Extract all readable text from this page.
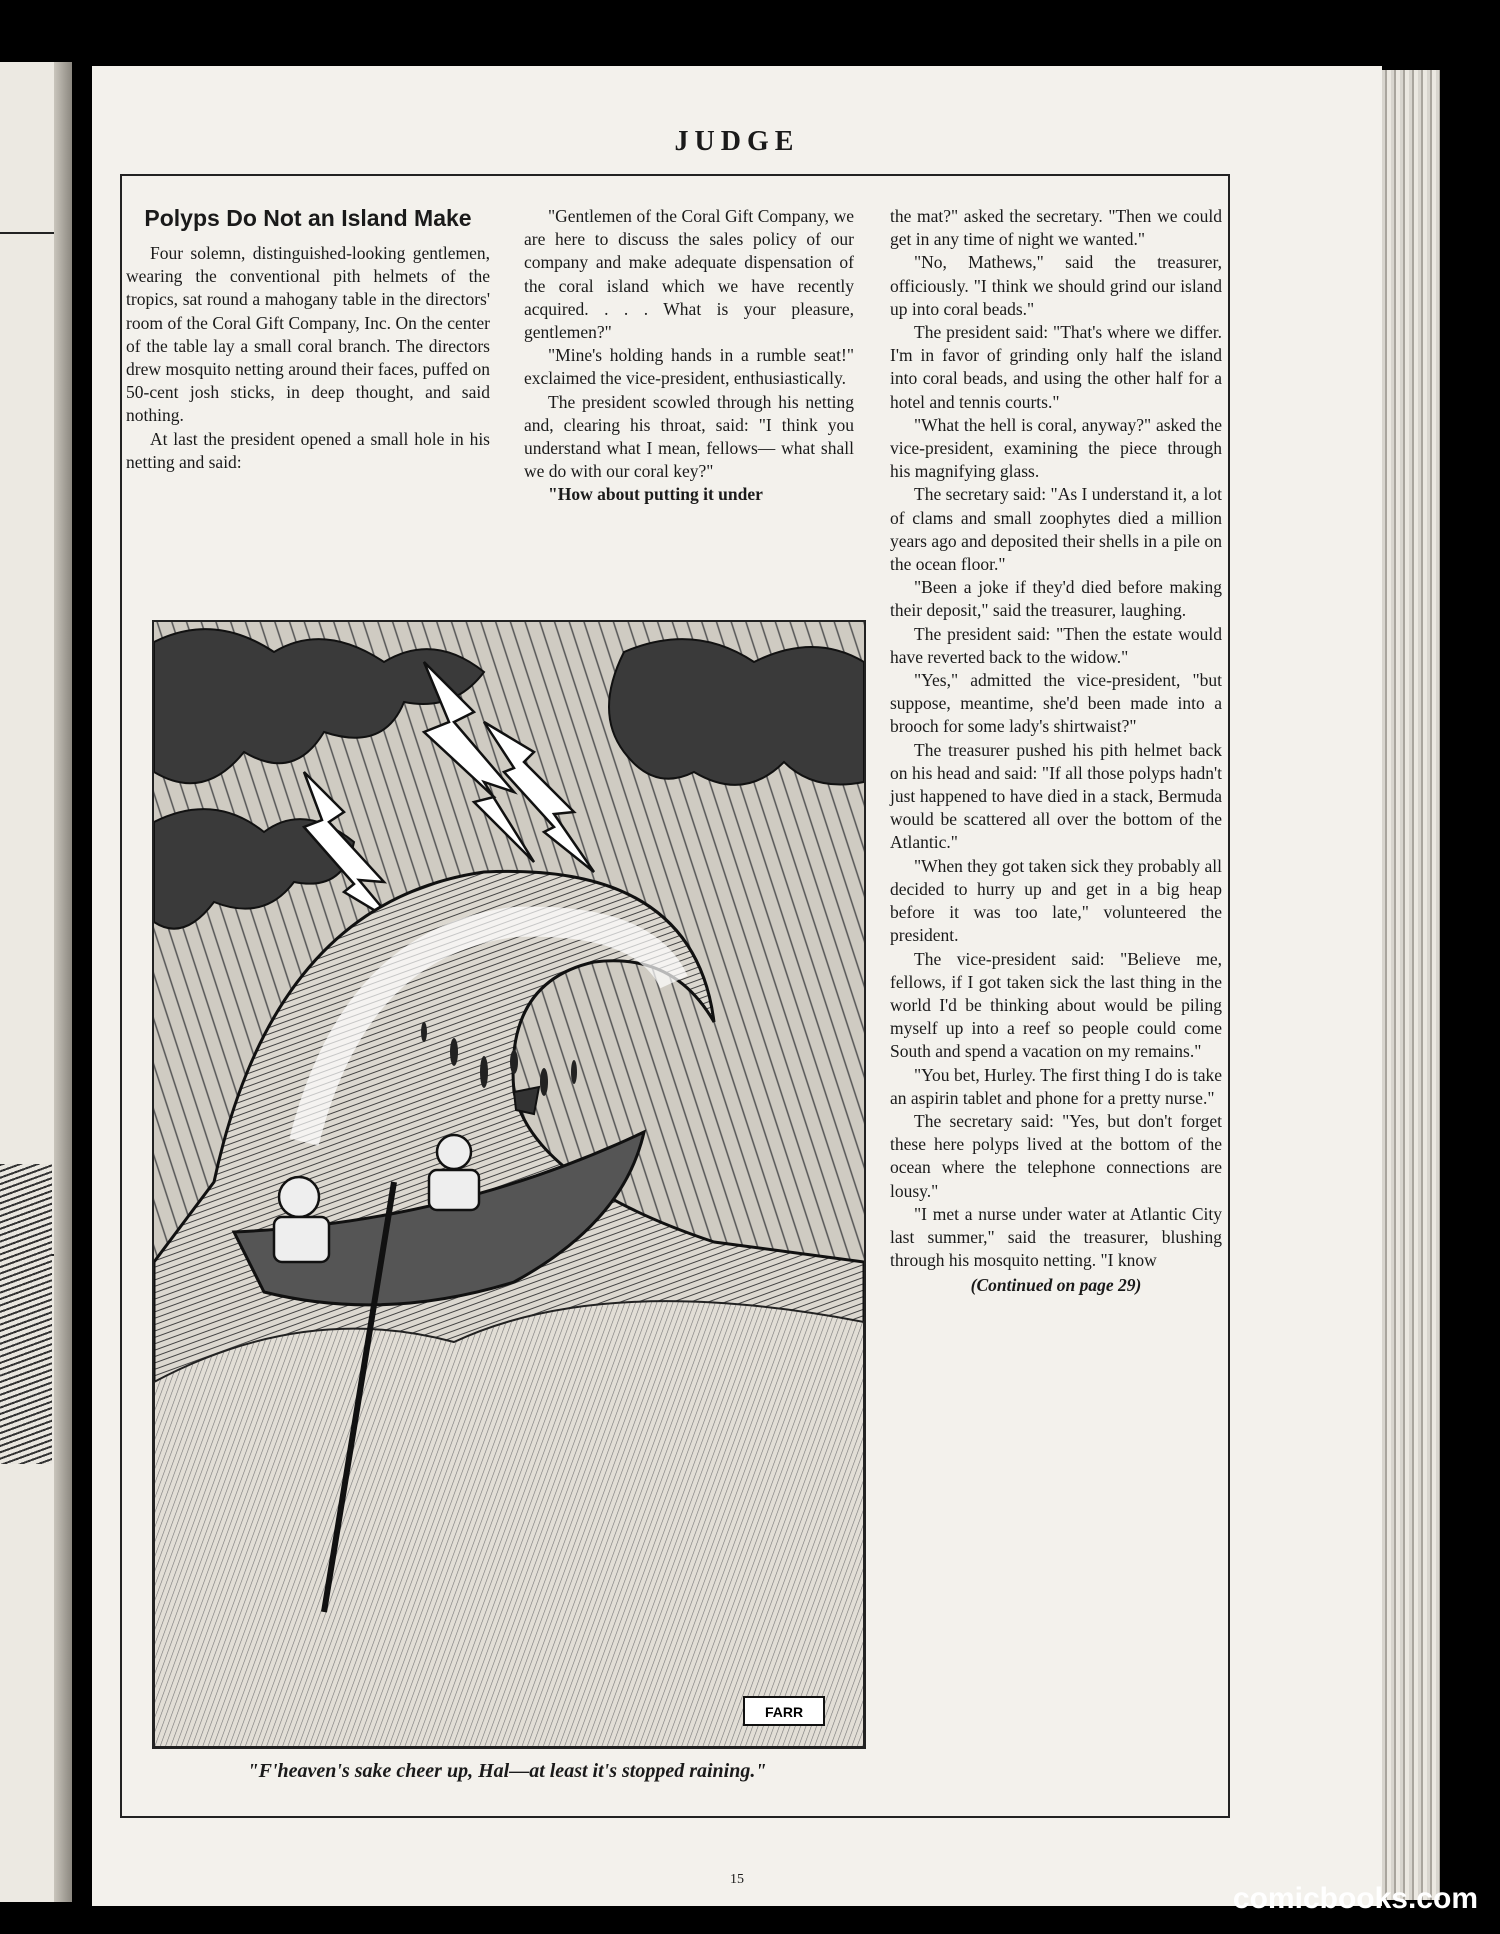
JUDGE
15
Polyps Do Not an Island Make

Four solemn, distinguished-looking gentlemen, wearing the conventional pith helmets of the tropics, sat round a mahogany table in the directors' room of the Coral Gift Company, Inc. On the center of the table lay a small coral branch. The directors drew mosquito netting around their faces, puffed on 50-cent josh sticks, in deep thought, and said nothing.

At last the president opened a small hole in his netting and said:

"Gentlemen of the Coral Gift Company, we are here to discuss the sales policy of our company and make adequate dispensation of the coral island which we have recently acquired. . . . What is your pleasure, gentlemen?"

"Mine's holding hands in a rumble seat!" exclaimed the vice-president, enthusiastically.

The president scowled through his netting and, clearing his throat, said: "I think you understand what I mean, fellows— what shall we do with our coral key?"

"How about putting it under

the mat?" asked the secretary. "Then we could get in any time of night we wanted."

"No, Mathews," said the treasurer, officiously. "I think we should grind our island up into coral beads."

The president said: "That's where we differ. I'm in favor of grinding only half the island into coral beads, and using the other half for a hotel and tennis courts."

"What the hell is coral, anyway?" asked the vice-president, examining the piece through his magnifying glass.

The secretary said: "As I understand it, a lot of clams and small zoophytes died a million years ago and deposited their shells in a pile on the ocean floor."

"Been a joke if they'd died before making their deposit," said the treasurer, laughing.

The president said: "Then the estate would have reverted back to the widow."

"Yes," admitted the vice-president, "but suppose, meantime, she'd been made into a brooch for some lady's shirtwaist?"

The treasurer pushed his pith helmet back on his head and said: "If all those polyps hadn't just happened to have died in a stack, Bermuda would be scattered all over the bottom of the Atlantic."

"When they got taken sick they probably all decided to hurry up and get in a big heap before it was too late," volunteered the president.

The vice-president said: "Believe me, fellows, if I got taken sick the last thing in the world I'd be thinking about would be piling myself up into a reef so people could come South and spend a vacation on my remains."

"You bet, Hurley. The first thing I do is take an aspirin tablet and phone for a pretty nurse."

The secretary said: "Yes, but don't forget these here polyps lived at the bottom of the ocean where the telephone connections are lousy."

"I met a nurse under water at Atlantic City last summer," said the treasurer, blushing through his mosquito netting. "I know

(Continued on page 29)

FARR
"F'heaven's sake cheer up, Hal—at least it's stopped raining."
comicbooks.com
